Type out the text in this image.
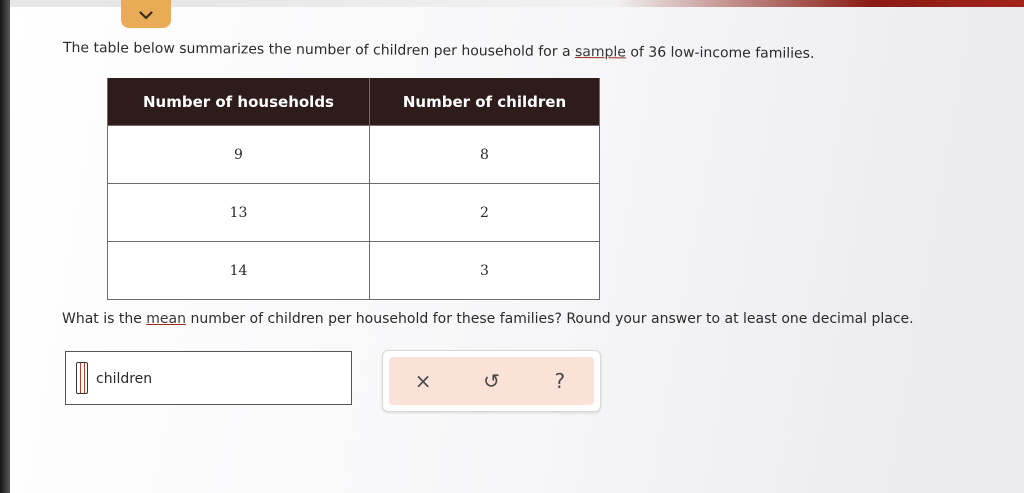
The table below summarizes the number of children per household for a sample of 36 low-income families.
Number of households	Number of children
9	8
13	2
14	3
What is the mean number of children per household for these families? Round your answer to at least one decimal place.
children	×	↺	?
